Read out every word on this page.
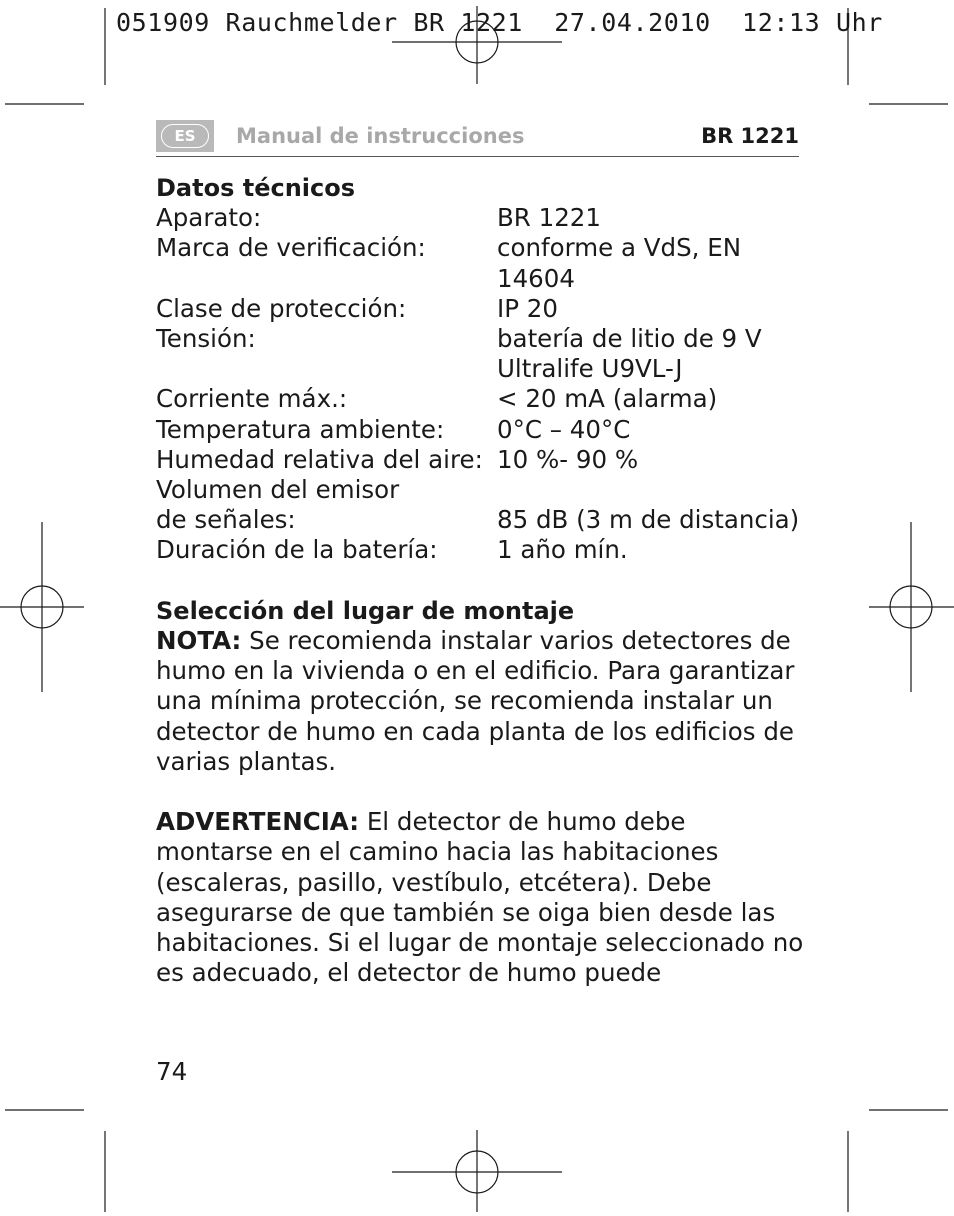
051909 Rauchmelder BR 1221  27.04.2010  12:13 Uhr
ES	Manual de instrucciones	BR 1221
Datos técnicos
Aparato:	BR 1221
Marca de verificación:	conforme a VdS, EN 14604
Clase de protección:	IP 20
Tensión:	batería de litio de 9 V Ultralife U9VL-J
Corriente máx.:	< 20 mA (alarma)
Temperatura ambiente:	0°C – 40°C
Humedad relativa del aire: 10 %- 90 %
Volumen del emisor
de señales:	85 dB (3 m de distancia)
Duración de la batería:	1 año mín.
Selección del lugar de montaje

NOTA: Se recomienda instalar varios detectores de humo en la vivienda o en el edificio. Para garantizar una mínima protección, se recomienda instalar un detector de humo en cada planta de los edificios de varias plantas.

ADVERTENCIA: El detector de humo debe montarse en el camino hacia las habitaciones (escaleras, pasillo, vestíbulo, etcétera). Debe asegurarse de que también se oiga bien desde las habitaciones. Si el lugar de montaje seleccionado no es adecuado, el detector de humo puede

74
